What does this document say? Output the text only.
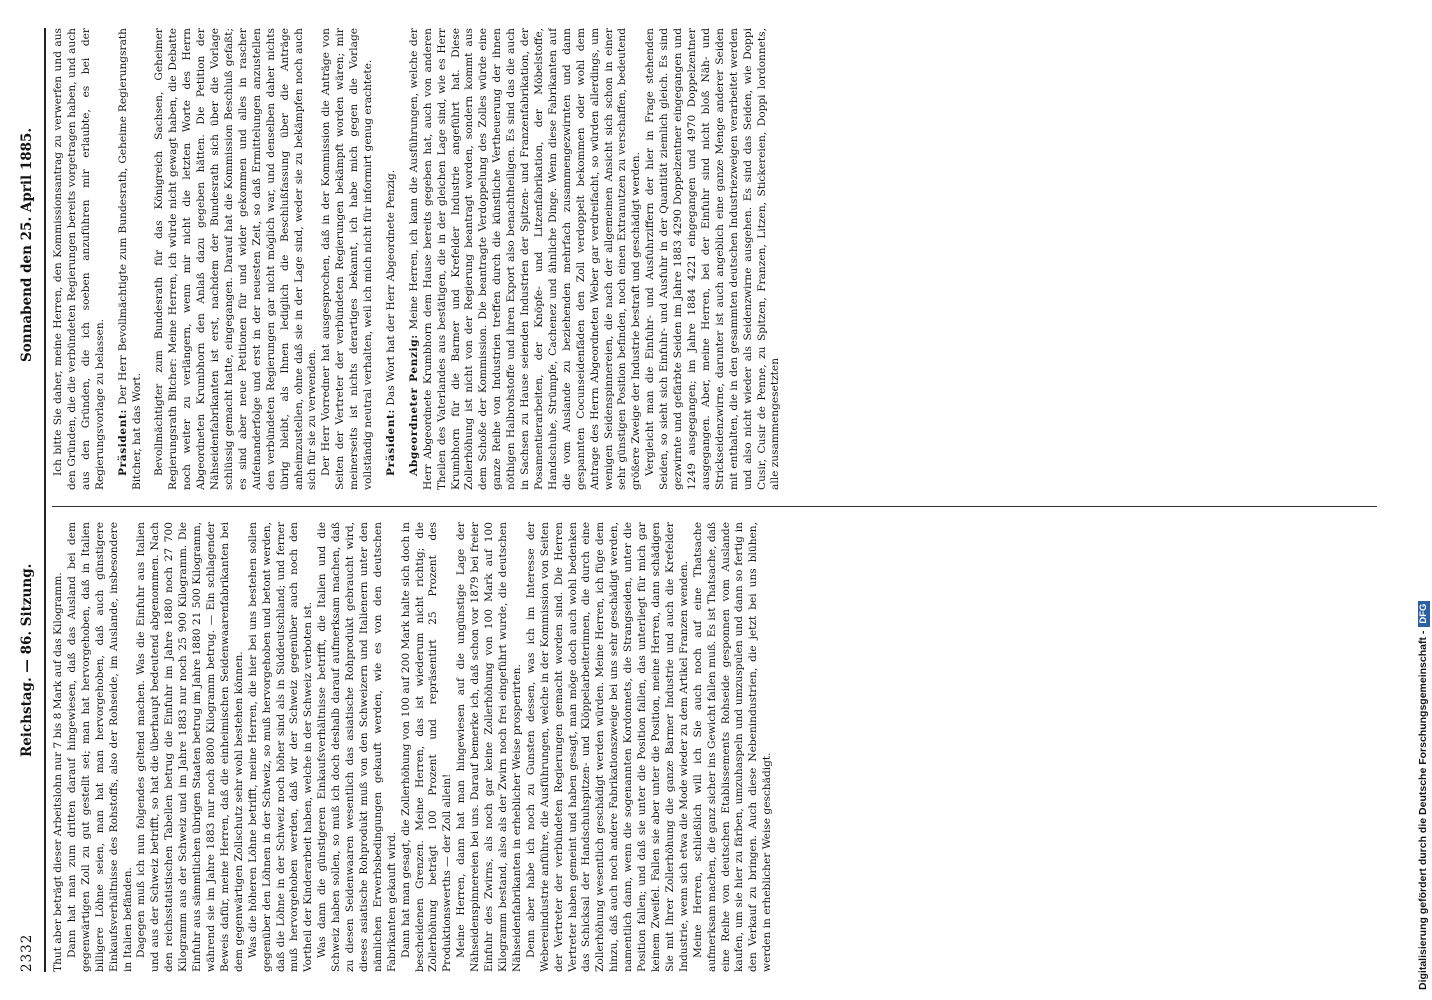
2332
Reichstag. — 86. Sitzung.
Sonnabend den 25. April 1885.

Thut aber beträgt dieser Arbeitslohn nur 7 bis 8 Mark auf das Kilogramm. Dann hat man zum dritten darauf hingewiesen, daß das Ausland bei dem gegenwärtigen Zoll zu gut gestellt sei; man hat hervorgehoben, daß in Italien billigere Löhne seien, man hat man hervorgehoben, daß auch günstigere Einkaufsverhältnisse des Rohstoffs, also der Rohseide, im Auslande, insbesondere in Italien befänden. Dagegen muß ich nun folgendes geltend machen. Was die Einfuhr aus Italien und aus der Schweiz betrifft, so hat die überhaupt bedeutend abgenommen. Nach den reichsstatistischen Tabellen betrug die Einfuhr im Jahre 1880 noch 27 700 Kilogramm aus der Schweiz und im Jahre 1883 nur noch 25 900 Kilogramm. Die Einfuhr aus sämmtlichen übrigen Staaten betrug im Jahre 1880 21 500 Kilogramm, während sie im Jahre 1883 nur noch 8800 Kilogramm betrug. — Ein schlagender Beweis dafür, meine Herren, daß die einheimischen Seidenwaarenfabrikanten bei dem gegenwärtigen Zollschutz sehr wohl bestehen können. Was die höheren Löhne betrifft, meine Herren, die hier bei uns bestehen sollen gegenüber den Löhnen in der Schweiz, so muß hervorgehoben und betont werden, daß die Löhne in der Schweiz noch höher sind als in Süddeutschland; und ferner muß hervorgehoben werden, daß wir der Schweiz gegenüber auch noch den Vortheil der Kinderarbeit haben, welche in der Schweiz verboten ist. Was dann die günstigeren Einkaufsverhältnisse betrifft, die Italien und die Schweiz haben sollen, so muß ich doch deshalb darauf aufmerksam machen, daß zu diesen Seidenwaaren wesentlich das asiatische Rohprodukt gebraucht wird, dieses asiatische Rohprodukt muß von den Schweizern und Italienern unter den nämlichen Erwerbsbedingungen gekauft werden, wie es von den deutschen Fabrikanten gekauft wird. Dann hat man gesagt, die Zollerhöhung von 100 auf 200 Mark halte sich doch in bescheidenen Grenzen. Meine Herren, das ist wiederum nicht richtig; die Zollerhöhung beträgt 100 Prozent und repräsentirt 25 Prozent des Produktionswerths — der Zoll allein! Meine Herren, dann hat man hingewiesen auf die ungünstige Lage der Nähseidenspinnereien bei uns. Darauf bemerke ich, daß schon vor 1879 bei freier Einfuhr des Zwirns, als noch gar keine Zollerhöhung von 100 Mark auf 100 Kilogramm bestand, also als der Zwirn noch frei eingeführt wurde, die deutschen Nähseidenfabrikanten in erheblicher Weise prosperirten. Denn aber habe ich noch zu Gunsten dessen, was ich im Interesse der Webereiindustrie anführe, die Ausführungen, welche in der Kommission von Seiten der Vertreter der verbündeten Regierungen gemacht worden sind. Die Herren Vertreter haben gemeint und haben gesagt, man möge doch auch wohl bedenken das Schicksal der Handschuhspitzen- und Klöppelarbeiterinnen, die durch eine Zollerhöhung wesentlich geschädigt werden würden. Meine Herren, ich füge dem hinzu, daß auch noch andere Fabrikationszweige bei uns sehr geschädigt werden, namentlich dann, wenn die sogenannten Kordonnets, die Strangseiden, unter die Position fallen; und daß sie unter die Position fallen, das unterliegt für mich gar keinem Zweifel. Fallen sie aber unter die Position, meine Herren, dann schädigen Sie mit Ihrer Zollerhöhung die ganze Barmer Industrie und auch die Krefelder Industrie, wenn sich etwa die Mode wieder zu dem Artikel Franzen wenden. Meine Herren, schließlich will ich Sie auch noch auf eine Thatsache aufmerksam machen, die ganz sicher ins Gewicht fallen muß. Es ist Thatsache, daß eine Reihe von deutschen Etablissements Rohseide gesponnen vom Auslande kaufen, um sie hier zu färben, umzuhaspeln und umzuspulen und dann so fertig in den Verkauf zu bringen. Auch diese Nebenindustrien, die jetzt bei uns blühen, werden in erheblicher Weise geschädigt.

Ich bitte Sie daher, meine Herren, den Kommissionsantrag zu verwerfen und aus den Gründen, die die verbündeten Regierungen bereits vorgetragen haben, und auch aus den Gründen, die ich soeben anzuführen mir erlaubte, es bei der Regierungsvorlage zu belassen. Präsident: Der Herr Bevollmächtigte zum Bundesrath, Geheime Regierungsrath Bitcher, hat das Wort. Bevollmächtigter zum Bundesrath für das Königreich Sachsen, Geheimer Regierungsrath Bitcher: Meine Herren, ich würde nicht gewagt haben, die Debatte noch weiter zu verlängern, wenn mir nicht die letzten Worte des Herrn Abgeordneten Krumbhorn den Anlaß dazu gegeben hätten. Die Petition der Nähseidenfabrikanten ist erst, nachdem der Bundesrath sich über die Vorlage schlüssig gemacht hatte, eingegangen. Darauf hat die Kommission Beschluß gefaßt; es sind aber neue Petitionen für und wider gekommen und alles in rascher Aufeinanderfolge und erst in der neuesten Zeit, so daß Ermittelungen anzustellen den verbündeten Regierungen gar nicht möglich war, und denselben daher nichts übrig bleibt, als Ihnen lediglich die Beschlußfassung über die Anträge anheimzustellen, ohne daß sie in der Lage sind, weder sie zu bekämpfen noch auch sich für sie zu verwenden. Der Herr Vorredner hat ausgesprochen, daß in der Kommission die Anträge von Seiten der Vertreter der verbündeten Regierungen bekämpft worden wären; mir meinerseits ist nichts derartiges bekannt, ich habe mich gegen die Vorlage vollständig neutral verhalten, weil ich mich nicht für informirt genug erachtete. Präsident: Das Wort hat der Herr Abgeordnete Penzig. Abgeordneter Penzig: Meine Herren, ich kann die Ausführungen, welche der Herr Abgeordnete Krumbhorn dem Hause bereits gegeben hat, auch von anderen Theilen des Vaterlandes aus bestätigen, die in der gleichen Lage sind, wie es Herr Krumbhorn für die Barmer und Krefelder Industrie angeführt hat. Diese Zollerhöhung ist nicht von der Regierung beantragt worden, sondern kommt aus dem Schoße der Kommission. Die beantragte Verdoppelung des Zolles würde eine ganze Reihe von Industrien treffen durch die künstliche Vertheuerung der ihnen nöthigen Halbrohstoffe und ihren Export also benachtheiligen. Es sind das die auch in Sachsen zu Hause seienden Industrien der Spitzen- und Franzenfabrikation, der Posamentierarbeiten, der Knöpfe- und Litzenfabrikation, der Möbelstoffe, Handschuhe, Strümpfe, Cachenez und ähnliche Dinge. Wenn diese Fabrikanten auf die vom Auslande zu beziehenden mehrfach zusammengezwirnten und dann gespannten Cocunseidenfäden den Zoll verdoppelt bekommen oder wohl dem Antrage des Herrn Abgeordneten Weber gar verdreifacht, so würden allerdings, um wenigen Seidenspinnereien, die nach der allgemeinen Ansicht sich schon in einer sehr günstigen Position befinden, noch einen Extranutzen zu verschaffen, bedeutend größere Zweige der Industrie bestraft und geschädigt werden. Vergleicht man die Einfuhr- und Ausfuhrziffern der hier in Frage stehenden Seiden, so sieht sich Einfuhr- und Ausfuhr in der Quantität ziemlich gleich. Es sind gezwirnte und gefärbte Seiden im Jahre 1883 4290 Doppelzentner eingegangen und 1249 ausgegangen; im Jahre 1884 4221 eingegangen und 4970 Doppelzentner ausgegangen. Aber, meine Herren, bei der Einfuhr sind nicht bloß Näh- und Strickseidenzwirne, darunter ist auch angeblich eine ganze Menge anderer Seiden mit enthalten, die in den gesammten deutschen Industriezweigen verarbeitet werden und also nicht wieder als Seidenzwirne ausgehen. Es sind das Seiden, wie Doppi Cusir, Cusir de Penne, zu Spitzen, Franzen, Litzen, Stickereien, Doppi lordonnets, alle zusammengesetzten

Digitalisierung gefördert durch die Deutsche Forschungsgemeinschaft -DFG
